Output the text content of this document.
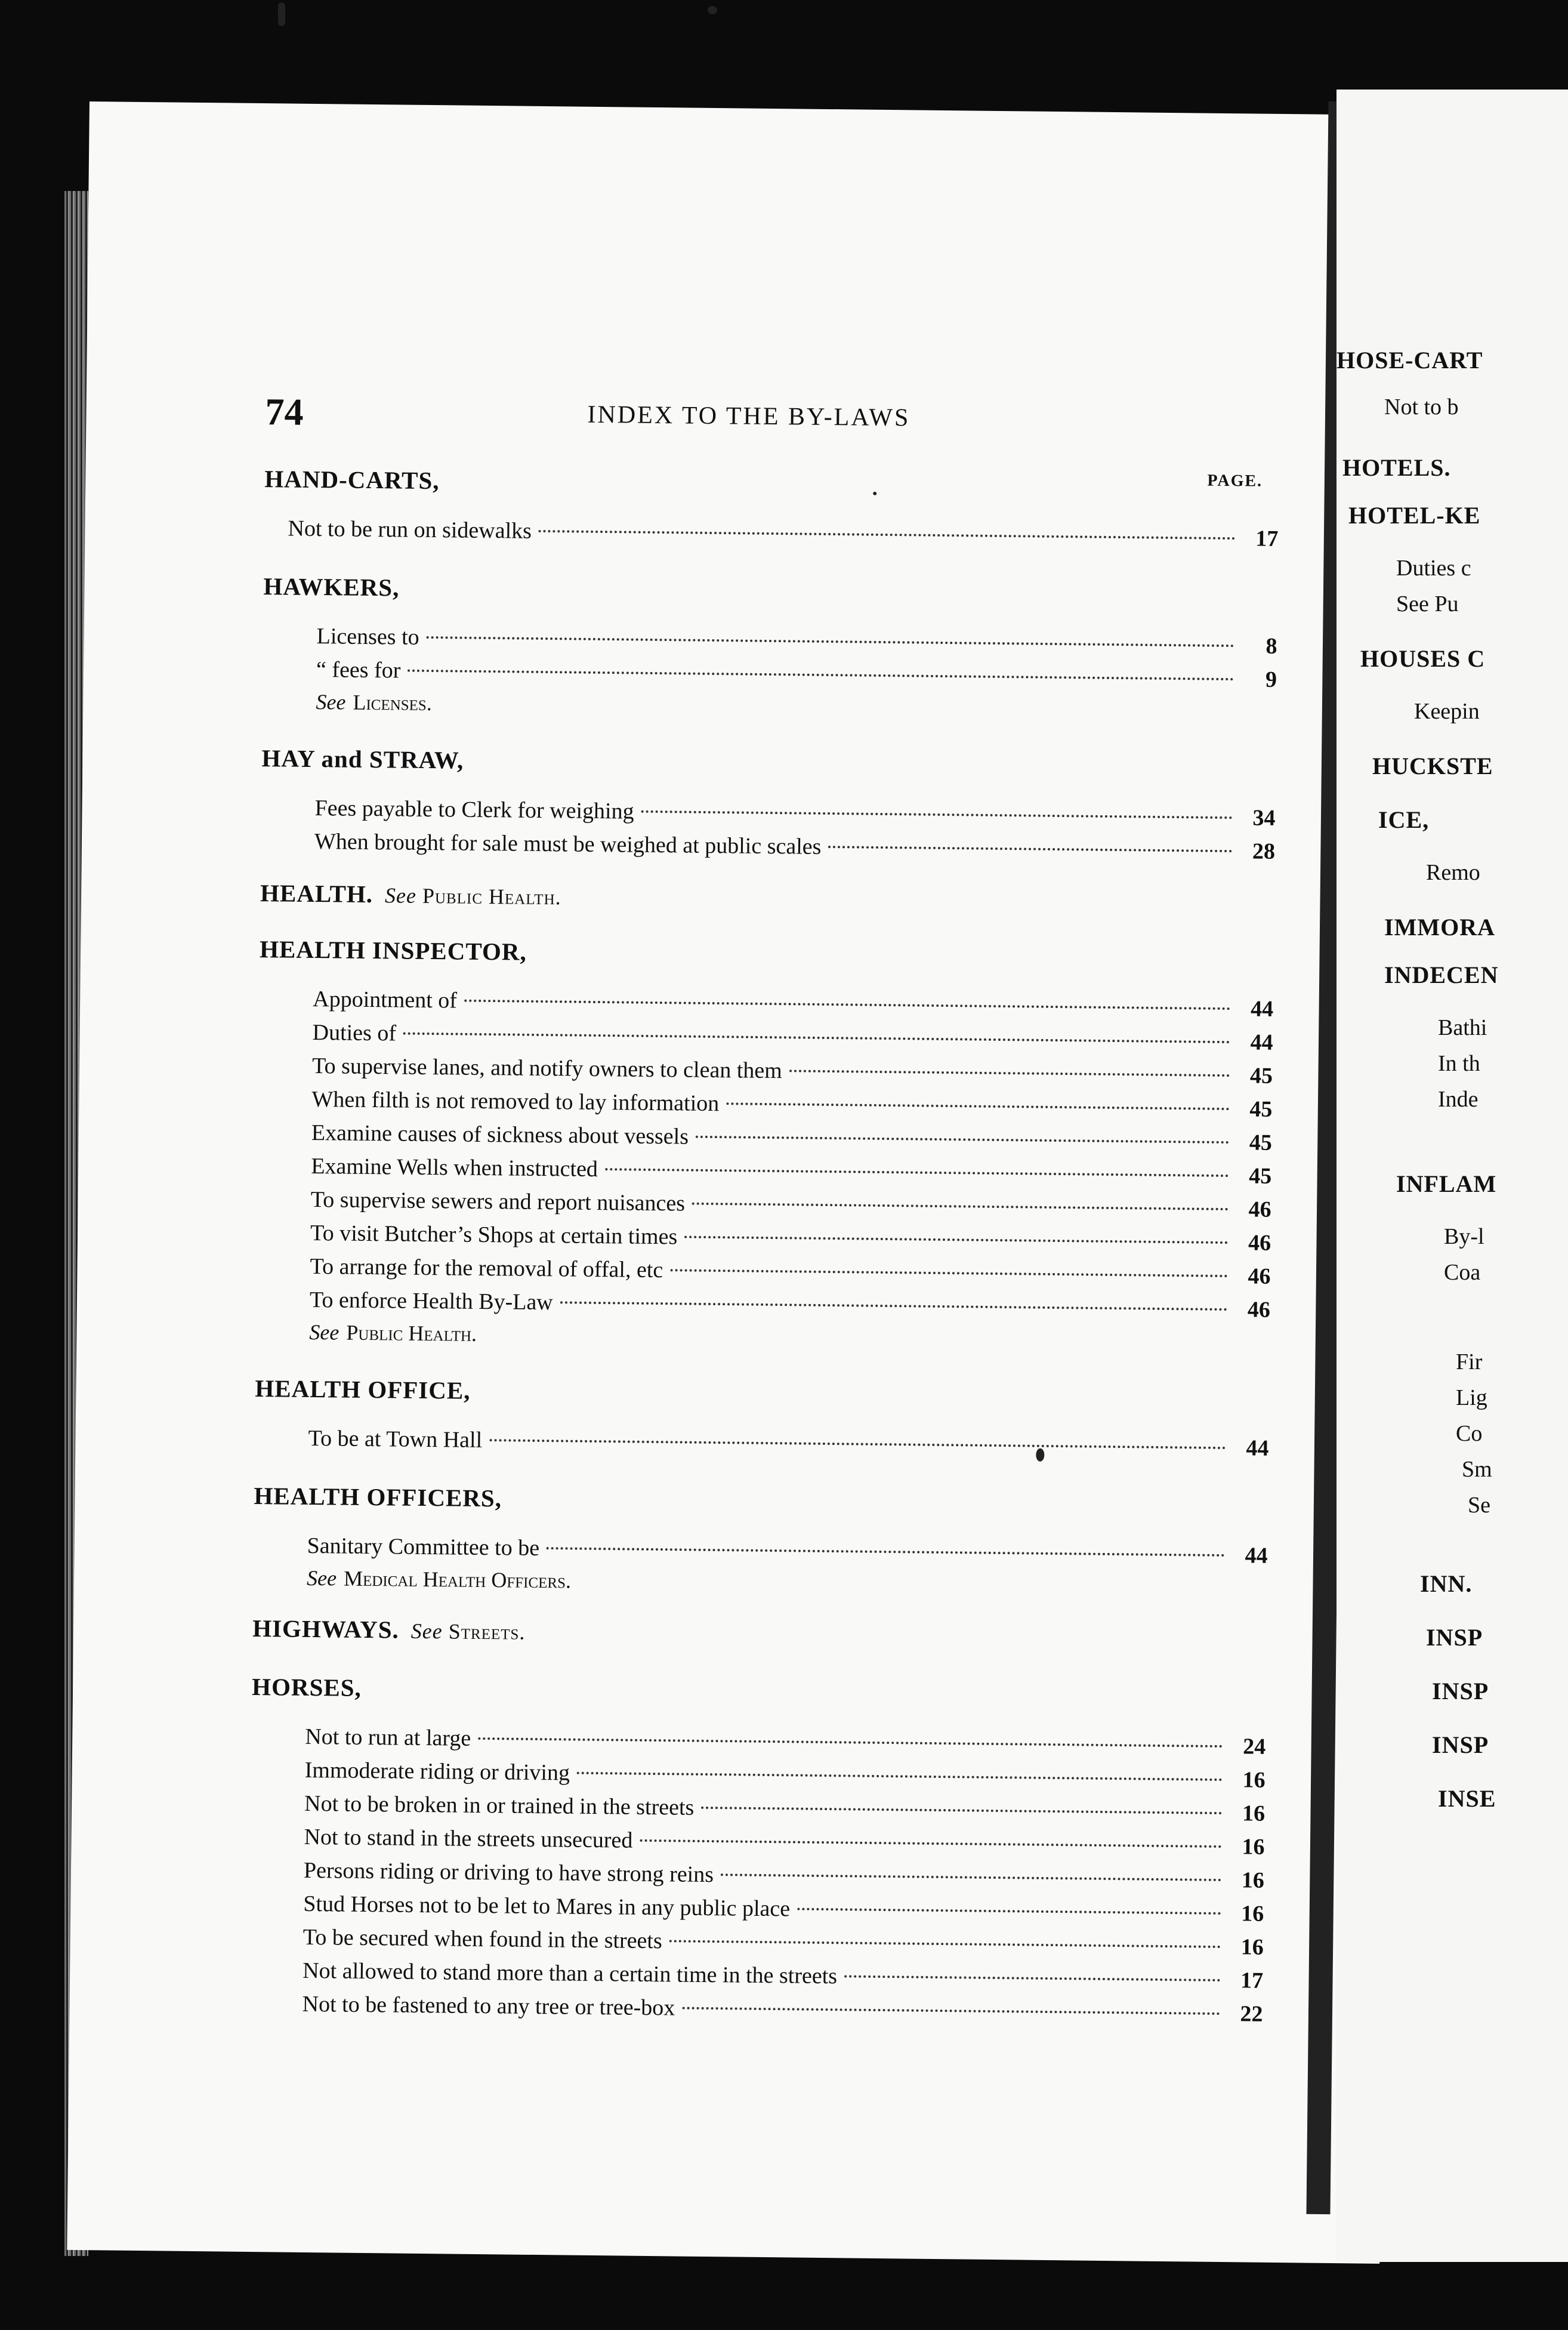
74	INDEX TO THE BY-LAWS
PAGE.
HAND-CARTS,
Not to be run on sidewalks	17
HAWKERS,
Licenses to	8
“ fees for	9
See Licenses.
HAY and STRAW,
Fees payable to Clerk for weighing	34
When brought for sale must be weighed at public scales	28
HEALTH. See Public Health.
HEALTH INSPECTOR,
Appointment of	44
Duties of	44
To supervise lanes, and notify owners to clean them	45
When filth is not removed to lay information	45
Examine causes of sickness about vessels	45
Examine Wells when instructed	45
To supervise sewers and report nuisances	46
To visit Butcher’s Shops at certain times	46
To arrange for the removal of offal, etc	46
To enforce Health By-Law	46
See Public Health.
HEALTH OFFICE,
To be at Town Hall	44
HEALTH OFFICERS,
Sanitary Committee to be	44
See Medical Health Officers.
HIGHWAYS. See Streets.
HORSES,
Not to run at large	24
Immoderate riding or driving	16
Not to be broken in or trained in the streets	16
Not to stand in the streets unsecured	16
Persons riding or driving to have strong reins	16
Stud Horses not to be let to Mares in any public place	16
To be secured when found in the streets	16
Not allowed to stand more than a certain time in the streets	17
Not to be fastened to any tree or tree-box	22
HOSE-CART
Not to b
HOTELS.
HOTEL-KE
Duties c
See Pu
HOUSES C
Keepin
HUCKSTE
ICE,
Remo
IMMORA
INDECEN
Bathi
In th
Inde
INFLAM
By-l
Coa
Fir
Lig
Co
Sm
Se
INN.
INSP
INSP
INSP
INSE
